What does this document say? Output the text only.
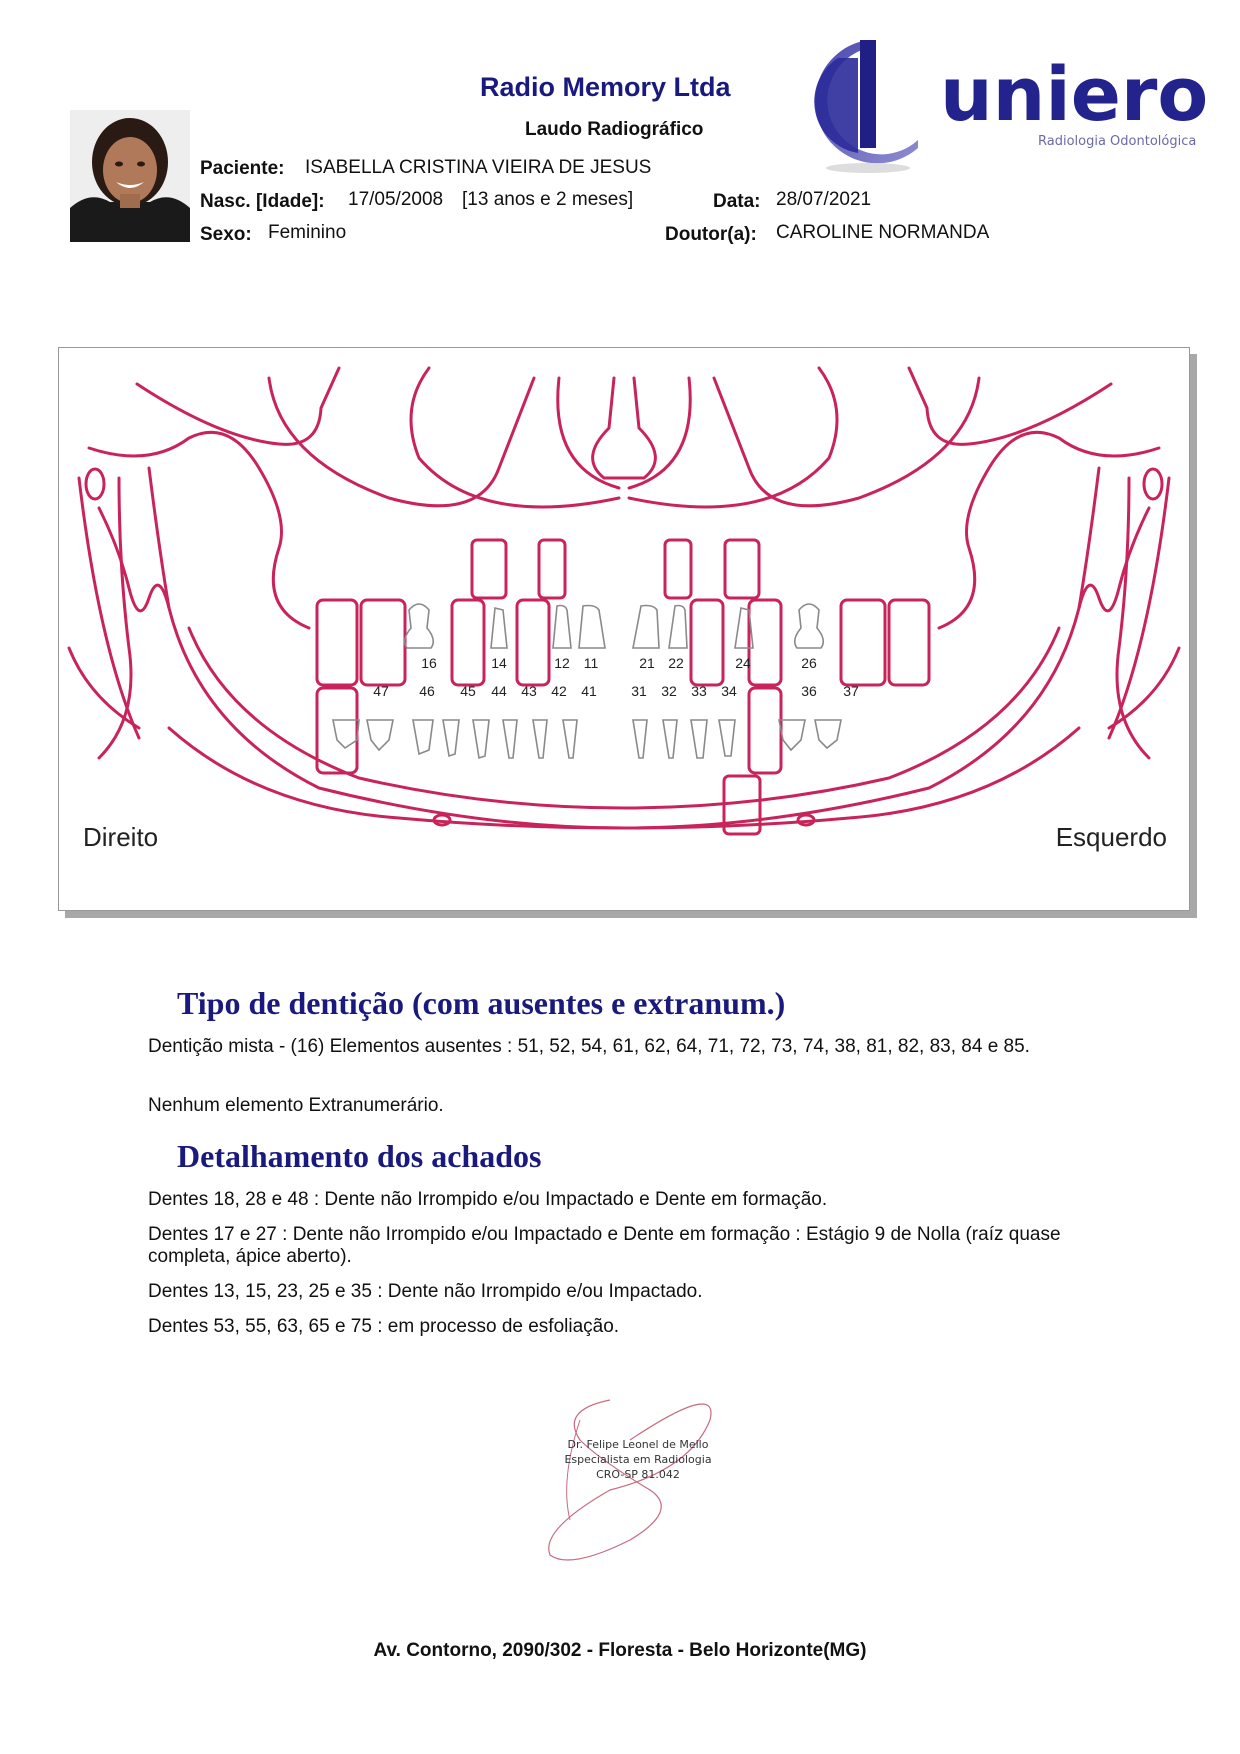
Radio Memory Ltda
Laudo Radiográfico	uniero
Radiologia Odontológica
Paciente: ISABELLA CRISTINA VIEIRA DE JESUS
Nasc. [Idade]: 17/05/2008 [13 anos e 2 meses]	Data: 28/07/2021
Sexo: Feminino	Doutor(a): CAROLINE NORMANDA
16	14	12 11	21 22	24	26
47 46 45 44 43 42 41 31 32 33 34	36 37
Direito	Esquerdo
Tipo de dentição (com ausentes e extranum.)
Dentição mista - (16) Elementos ausentes : 51, 52, 54, 61, 62, 64, 71, 72, 73, 74, 38, 81, 82, 83, 84 e 85.
Nenhum elemento Extranumerário.
Detalhamento dos achados
Dentes 18, 28 e 48 : Dente não Irrompido e/ou Impactado e Dente em formação.
Dentes 17 e 27 : Dente não Irrompido e/ou Impactado e Dente em formação : Estágio 9 de Nolla (raíz quase completa, ápice aberto).
Dentes 13, 15, 23, 25 e 35 : Dente não Irrompido e/ou Impactado.
Dentes 53, 55, 63, 65 e 75 : em processo de esfoliação.
Dr. Felipe Leonel de Mello
Especialista em Radiologia
CRO-SP 81.042
Av. Contorno, 2090/302 - Floresta - Belo Horizonte(MG)
